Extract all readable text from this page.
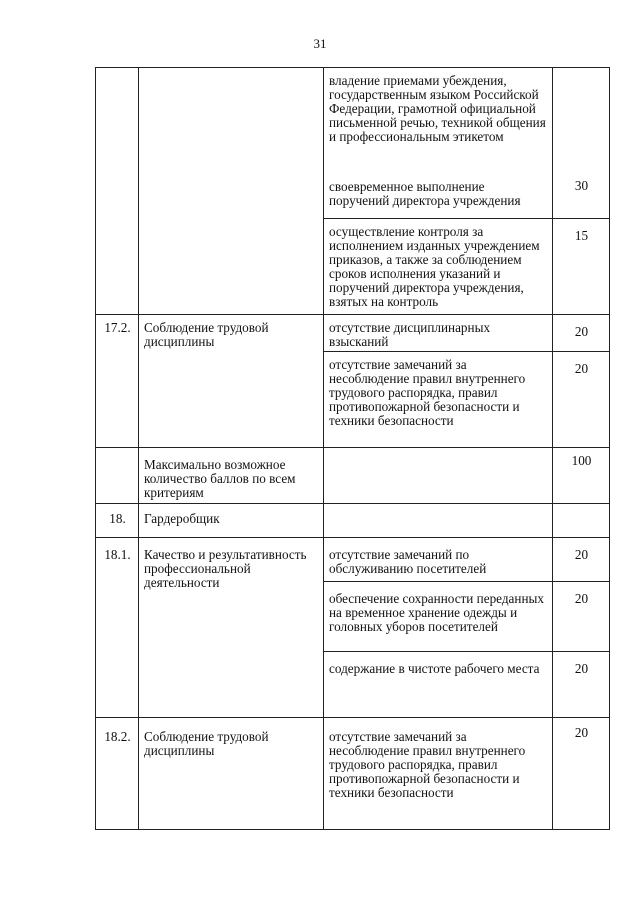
31
		владение приемами убеждения, государственным языком Российской Федерации, грамотной официальной письменной речью, техникой общения и профессиональным этикетом	
		своевременное выполнение поручений директора учреждения	30
		осуществление контроля за исполнением изданных учреждением приказов, а также за соблюдением сроков исполнения указаний и поручений директора учреждения, взятых на контроль	15
17.2.	Соблюдение трудовой дисциплины	отсутствие дисциплинарных взысканий	20
		отсутствие замечаний за несоблюдение правил внутреннего трудового распорядка, правил противопожарной безопасности и техники безопасности	20
	Максимально возможное количество баллов по всем критериям		100
18.	Гардеробщик		
18.1.	Качество и результативность профессиональной деятельности	отсутствие замечаний по обслуживанию посетителей	20
		обеспечение сохранности переданных на временное хранение одежды и головных уборов посетителей	20
		содержание в чистоте рабочего места	20
18.2.	Соблюдение трудовой дисциплины	отсутствие замечаний за несоблюдение правил внутреннего трудового распорядка, правил противопожарной безопасности и техники безопасности	20
